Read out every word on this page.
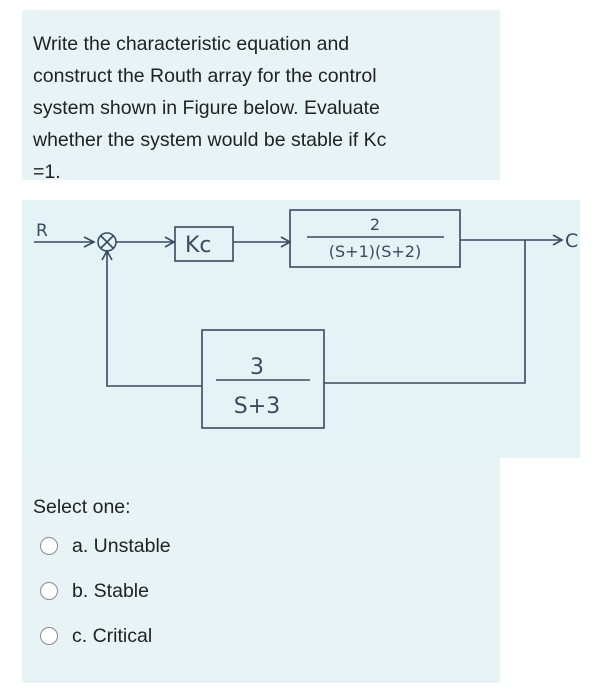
Write the characteristic equation and
construct the Routh array for the control
system shown in Figure below. Evaluate
whether the system would be stable if Kc
=1.
R	C
Kc
2
(S+1)(S+2)
3
S+3
Select one:
a. Unstable
b. Stable
c. Critical
